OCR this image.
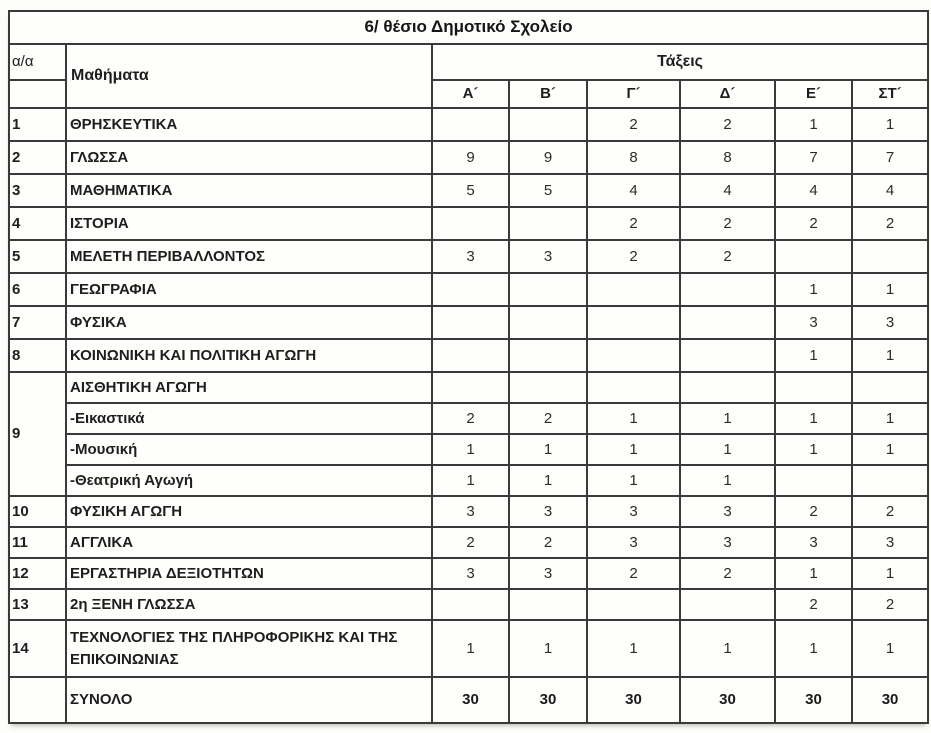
6/ θέσιο Δημοτικό Σχολείο							
α/α	Μαθήματα	Τάξεις					
		Α´	Β´	Γ´	Δ´	Ε´	ΣΤ´
1	ΘΡΗΣΚΕΥΤΙΚΑ			2	2	1	1
2	ΓΛΩΣΣΑ	9	9	8	8	7	7
3	ΜΑΘΗΜΑΤΙΚΑ	5	5	4	4	4	4
4	ΙΣΤΟΡΙΑ			2	2	2	2
5	ΜΕΛΕΤΗ ΠΕΡΙΒΑΛΛΟΝΤΟΣ	3	3	2	2		
6	ΓΕΩΓΡΑΦΙΑ					1	1
7	ΦΥΣΙΚΑ					3	3
8	ΚΟΙΝΩΝΙΚΗ ΚΑΙ ΠΟΛΙΤΙΚΗ ΑΓΩΓΗ					1	1
9	ΑΙΣΘΗΤΙΚΗ ΑΓΩΓΗ						
	-Εικαστικά	2	2	1	1	1	1
	-Μουσική	1	1	1	1	1	1
	-Θεατρική Αγωγή	1	1	1	1		
10	ΦΥΣΙΚΗ ΑΓΩΓΗ	3	3	3	3	2	2
11	ΑΓΓΛΙΚΑ	2	2	3	3	3	3
12	ΕΡΓΑΣΤΗΡΙΑ ΔΕΞΙΟΤΗΤΩΝ	3	3	2	2	1	1
13	2η ΞΕΝΗ ΓΛΩΣΣΑ					2	2
14	ΤΕΧΝΟΛΟΓΙΕΣ ΤΗΣ ΠΛΗΡΟΦΟΡΙΚΗΣ ΚΑΙ ΤΗΣ ΕΠΙΚΟΙΝΩΝΙΑΣ	1	1	1	1	1	1
	ΣΥΝΟΛΟ	30	30	30	30	30	30
